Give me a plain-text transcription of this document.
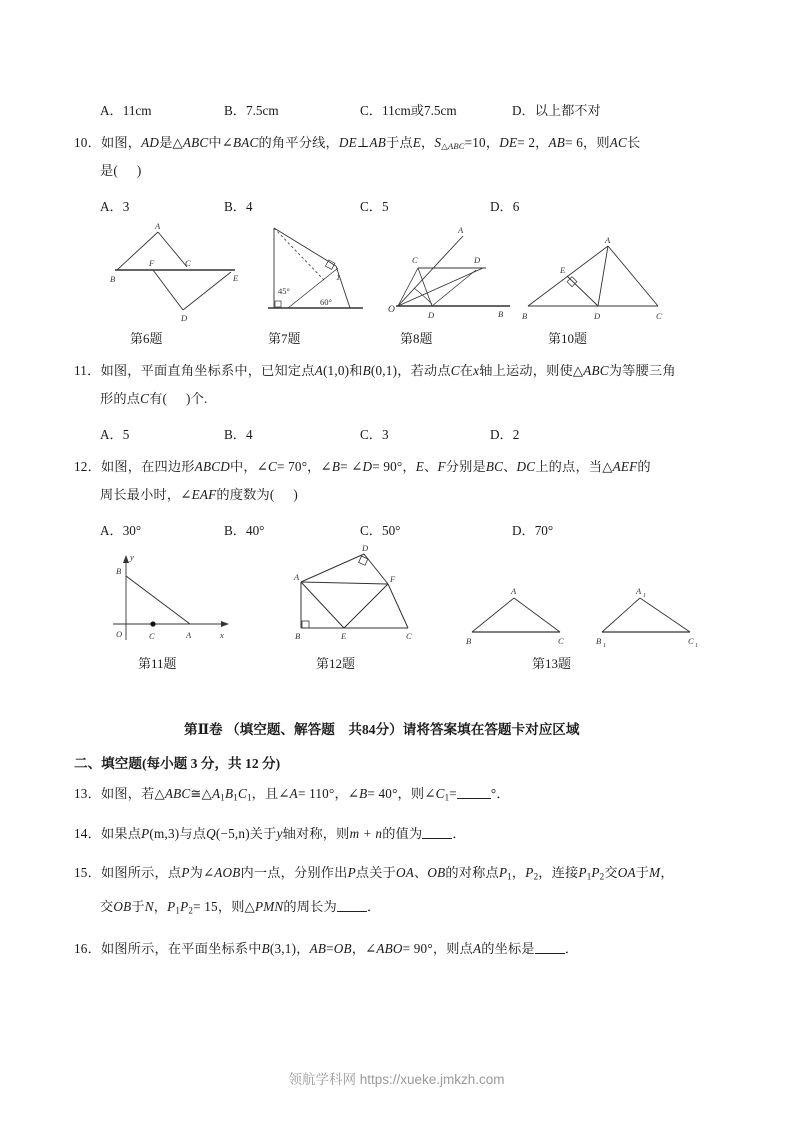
A．11cm	B．7.5cm	C．11cm或7.5cm	D．以上都不对
10．如图，AD是△ABC中∠BAC的角平分线，DE⊥AB于点E，S△ABC=10，DE= 2，AB= 6，则AC长
是( )
A．3	B．4	C．5	D．6
A
B
C
D
E
F
第6题
45°
60°
1
第7题
A
B
C	D
D
O
第8题
A
B	C
D
E
第10题
11．如图，平面直角坐标系中，已知定点A(1,0)和B(0,1)，若动点C在x轴上运动，则使△ABC为等腰三角
形的点C有( )个.
A．5	B．4	C．3	D．2
12．如图，在四边形ABCD中，∠C= 70°，∠B= ∠D= 90°，E、F分别是BC、DC上的点，当△AEF的
周长最小时，∠EAF的度数为( )
A．30°	B．40°	C．50°	D．70°
y
x
O	A
B
C
第11题
A
B	C
D
E
F
第12题
A
B	C
A 1
B 1	C 1
第13题
第Ⅱ卷 （填空题、解答题　共84分）请将答案填在答题卡对应区域
二、填空题(每小题 3 分，共 12 分)
13．如图，若△ABC≅△A1B1C1，且∠A= 110°，∠B= 40°，则∠C1=	°．
14．如果点P(m,3)与点Q(−5,n)关于y轴对称，则m + n的值为 ．
15．如图所示，点P为∠AOB内一点，分别作出P点关于OA、OB的对称点P1，P2，连接P1P2交OA于M，
交OB于N，P1P2= 15，则△PMN的周长为 ．
16．如图所示，在平面坐标系中B(3,1)，AB=OB，∠ABO= 90°，则点A的坐标是 ．
领航学科网 https://xueke.jmkzh.com
